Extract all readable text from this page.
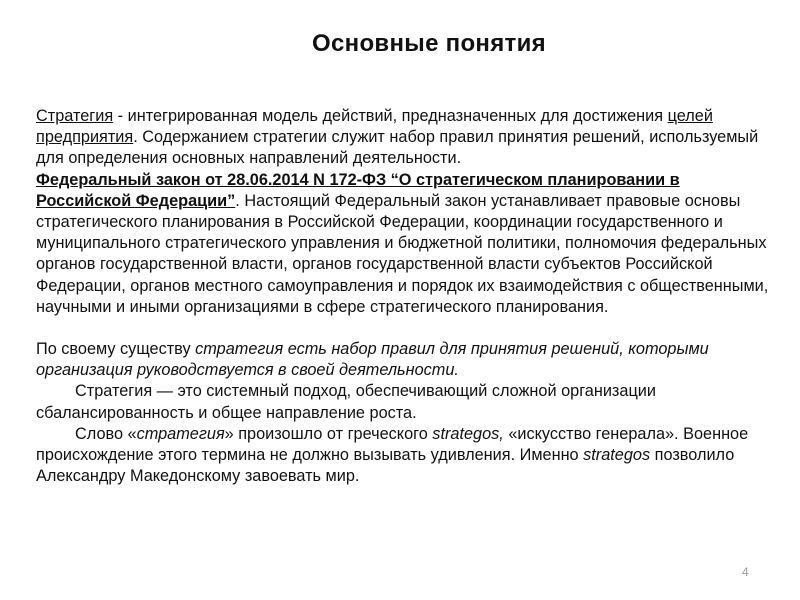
Основные понятия

Стратегия - интегрированная модель действий, предназначенных для достижения целей предприятия. Содержанием стратегии служит набор правил принятия решений, используемый для определения основных направлений деятельности.

Федеральный закон от 28.06.2014 N 172-ФЗ “О стратегическом планировании в Российской Федерации”. Настоящий Федеральный закон устанавливает правовые основы стратегического планирования в Российской Федерации, координации государственного и муниципального стратегического управления и бюджетной политики, полномочия федеральных органов государственной власти, органов государственной власти субъектов Российской Федерации, органов местного самоуправления и порядок их взаимодействия с общественными, научными и иными организациями в сфере стратегического планирования.

По своему существу стратегия есть набор правил для принятия решений, которыми организация руководствуется в своей деятельности.

Стратегия — это системный подход, обеспечивающий сложной организации сбалансированность и общее направление роста.

Слово «стратегия» произошло от греческого strategos, «искусство генерала». Военное происхождение этого термина не должно вызывать удивления. Именно strategos позволило Александру Македонскому завоевать мир.

4
